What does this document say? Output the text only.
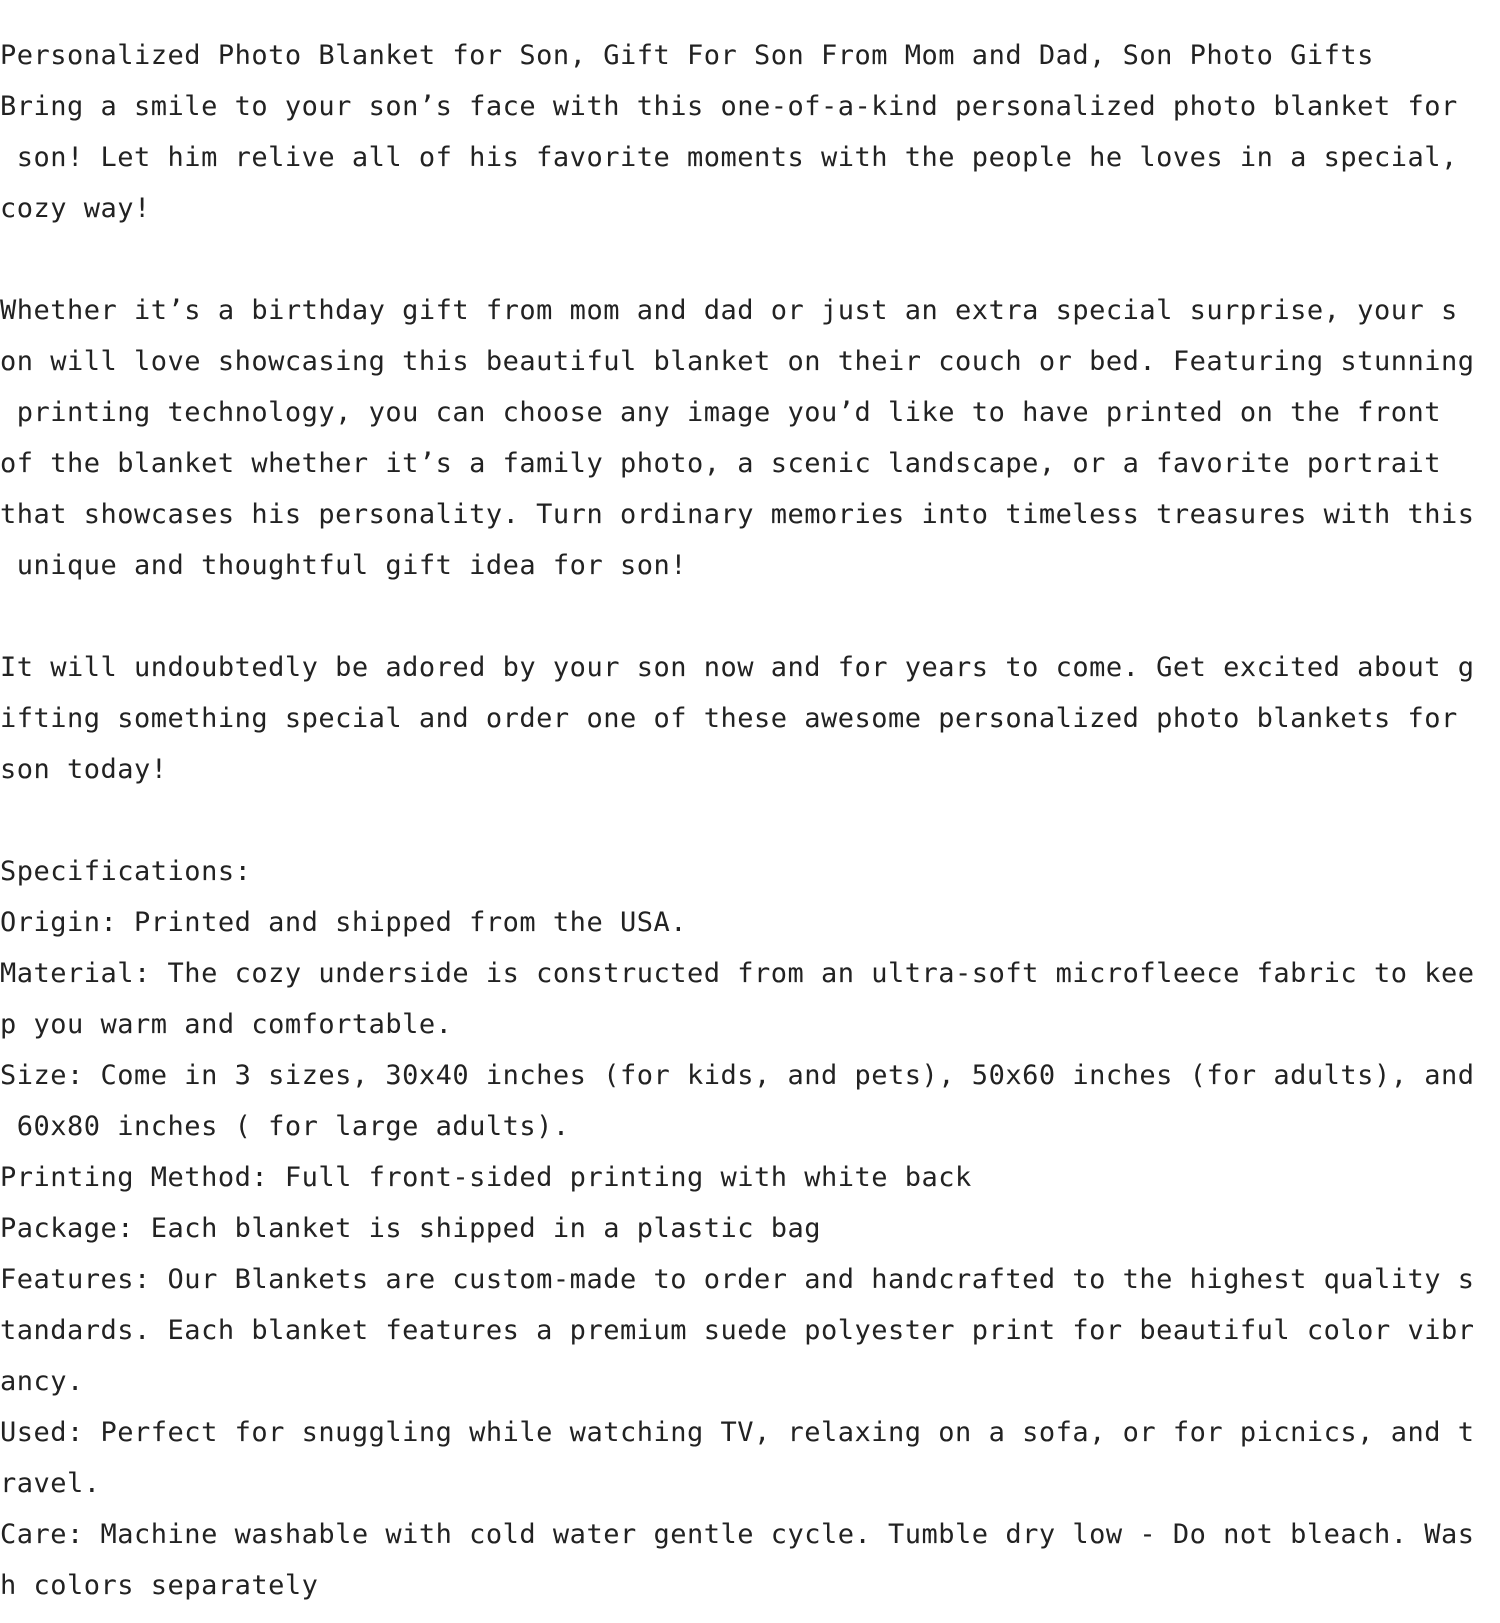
Personalized Photo Blanket for Son, Gift For Son From Mom and Dad, Son Photo Gifts
Bring a smile to your son’s face with this one-of-a-kind personalized photo blanket for
son! Let him relive all of his favorite moments with the people he loves in a special,
cozy way!
Whether it’s a birthday gift from mom and dad or just an extra special surprise, your s
on will love showcasing this beautiful blanket on their couch or bed. Featuring stunning
printing technology, you can choose any image you’d like to have printed on the front
of the blanket whether it’s a family photo, a scenic landscape, or a favorite portrait
that showcases his personality. Turn ordinary memories into timeless treasures with this
unique and thoughtful gift idea for son!
It will undoubtedly be adored by your son now and for years to come. Get excited about g
ifting something special and order one of these awesome personalized photo blankets for
son today!
Specifications:
Origin: Printed and shipped from the USA.
Material: The cozy underside is constructed from an ultra-soft microfleece fabric to kee
p you warm and comfortable.
Size: Come in 3 sizes, 30x40 inches (for kids, and pets), 50x60 inches (for adults), and
60x80 inches ( for large adults).
Printing Method: Full front-sided printing with white back
Package: Each blanket is shipped in a plastic bag
Features: Our Blankets are custom-made to order and handcrafted to the highest quality s
tandards. Each blanket features a premium suede polyester print for beautiful color vibr
ancy.
Used: Perfect for snuggling while watching TV, relaxing on a sofa, or for picnics, and t
ravel.
Care: Machine washable with cold water gentle cycle. Tumble dry low - Do not bleach. Was
h colors separately
